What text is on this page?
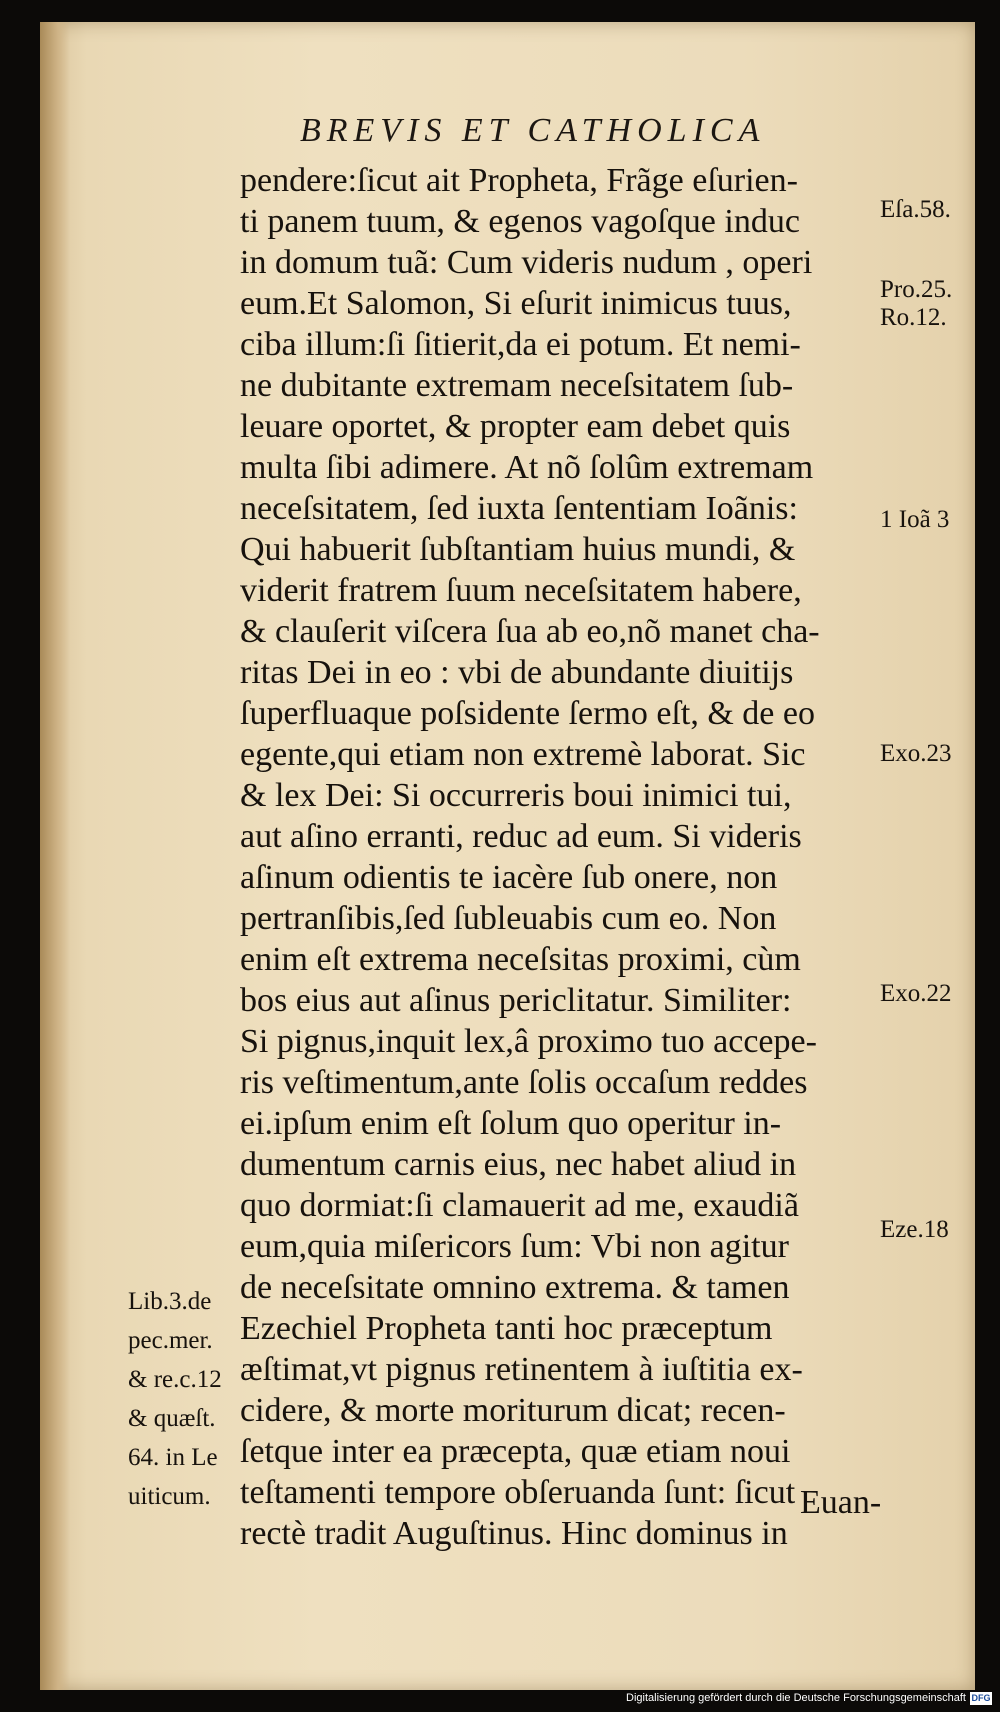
BREVIS ET CATHOLICA
pendere:ſicut ait Propheta, Frãge eſurien-
ti panem tuum, & egenos vagoſque induc
in domum tuã: Cum videris nudum , operi
eum.Et Salomon, Si eſurit inimicus tuus,
ciba illum:ſi ſitierit,da ei potum. Et nemi-
ne dubitante extremam neceſsitatem ſub-
leuare oportet, & propter eam debet quis
multa ſibi adimere. At nõ ſolûm extremam
neceſsitatem, ſed iuxta ſententiam Ioãnis:
Qui habuerit ſubſtantiam huius mundi, &
viderit fratrem ſuum neceſsitatem habere,
& clauſerit viſcera ſua ab eo,nõ manet cha-
ritas Dei in eo : vbi de abundante diuitijs
ſuperfluaque poſsidente ſermo eſt, & de eo
egente,qui etiam non extremè laborat. Sic
& lex Dei: Si occurreris boui inimici tui,
aut aſino erranti, reduc ad eum. Si videris
aſinum odientis te iacère ſub onere, non
pertranſibis,ſed ſubleuabis cum eo. Non
enim eſt extrema neceſsitas proximi, cùm
bos eius aut aſinus periclitatur. Similiter:
Si pignus,inquit lex,â proximo tuo accepe-
ris veſtimentum,ante ſolis occaſum reddes
ei.ipſum enim eſt ſolum quo operitur in-
dumentum carnis eius, nec habet aliud in
quo dormiat:ſi clamauerit ad me, exaudiã
eum,quia miſericors ſum: Vbi non agitur
de neceſsitate omnino extrema. & tamen
Ezechiel Propheta tanti hoc præceptum
æſtimat,vt pignus retinentem à iuſtitia ex-
cidere, & morte moriturum dicat; recen-
ſetque inter ea præcepta, quæ etiam noui
teſtamenti tempore obſeruanda ſunt: ſicut
rectè tradit Auguſtinus. Hinc dominus in
Eſa.58.
Pro.25.
Ro.12.
1 Ioã 3
Exo.23
Exo.22
Eze.18
Lib.3.de
pec.mer.
& re.c.12
& quæſt.
64. in Le
uiticum.	Euan-
Digitalisierung gefördert durch die Deutsche Forschungsgemeinschaft DFG
